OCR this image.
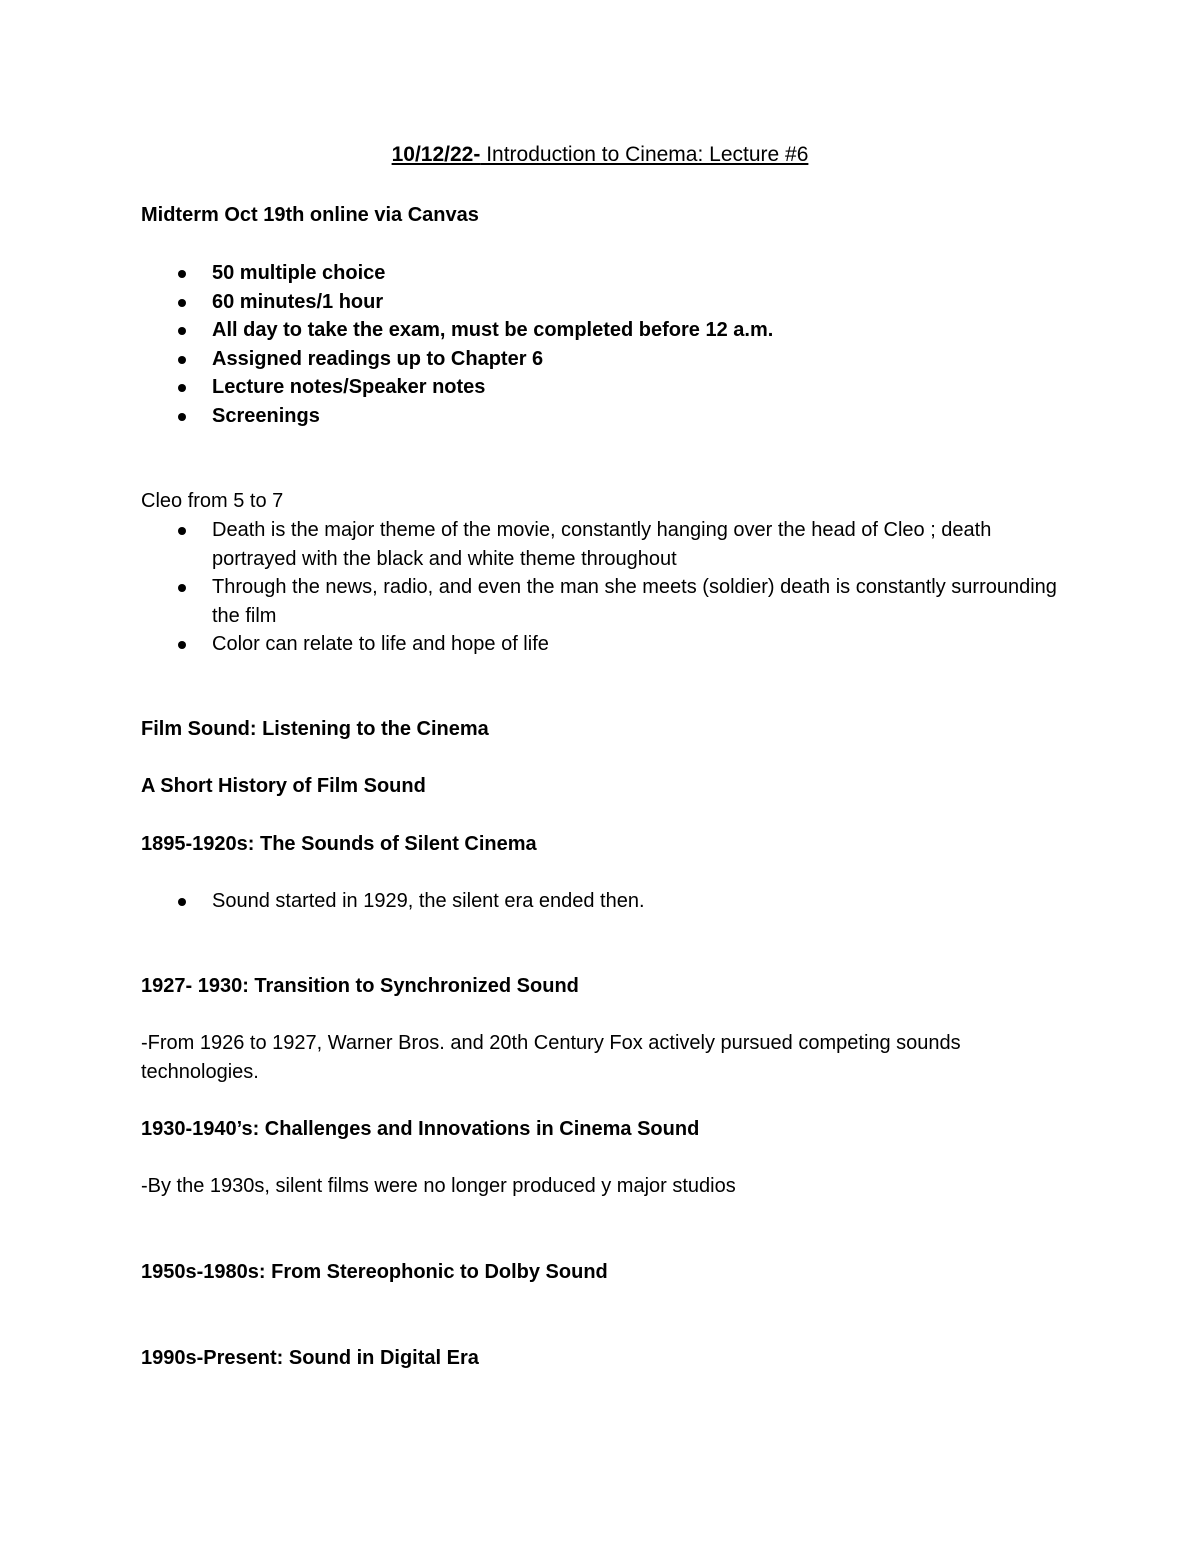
10/12/22- Introduction to Cinema: Lecture #6
Midterm Oct 19th online via Canvas
50 multiple choice
60 minutes/1 hour
All day to take the exam, must be completed before 12 a.m.
Assigned readings up to Chapter 6
Lecture notes/Speaker notes
Screenings
Cleo from 5 to 7
Death is the major theme of the movie, constantly hanging over the head of Cleo ; death portrayed with the black and white theme throughout
Through the news, radio, and even the man she meets (soldier) death is constantly surrounding the film
Color can relate to life and hope of life
Film Sound: Listening to the Cinema
A Short History of Film Sound
1895-1920s: The Sounds of Silent Cinema
Sound started in 1929, the silent era ended then.
1927- 1930: Transition to Synchronized Sound
-From 1926 to 1927, Warner Bros. and 20th Century Fox actively pursued competing sounds technologies.
1930-1940’s: Challenges and Innovations in Cinema Sound
-By the 1930s, silent films were no longer produced y major studios
1950s-1980s: From Stereophonic to Dolby Sound
1990s-Present: Sound in Digital Era
